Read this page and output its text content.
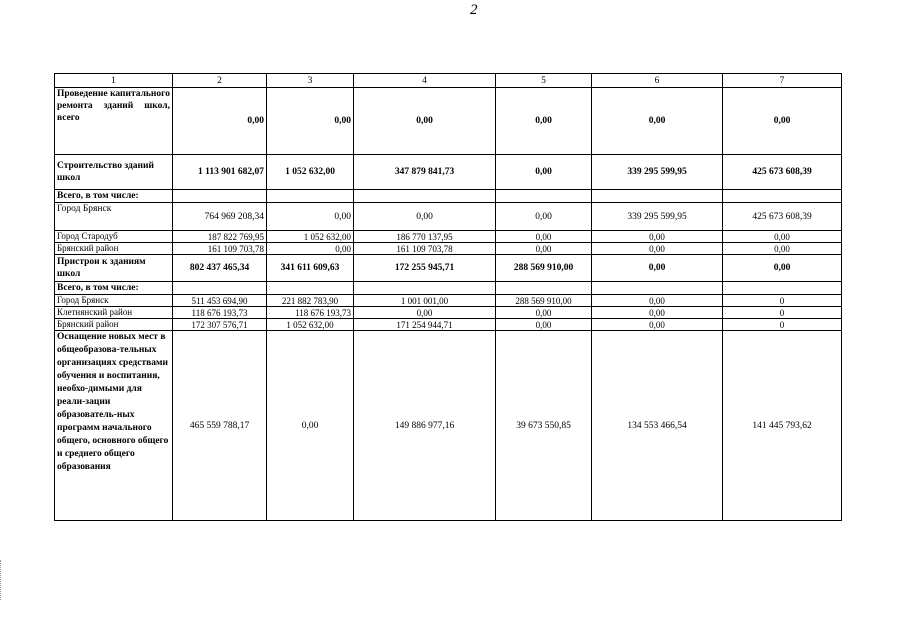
2
1	2	3	4	5	6	7
Проведение капитального ремонта зданий школ, всего	0,00	0,00	0,00	0,00	0,00	0,00
Строительство зданий школ	1 113 901 682,07	1 052 632,00	347 879 841,73	0,00	339 295 599,95	425 673 608,39
Всего, в том числе:						
Город Брянск	764 969 208,34	0,00	0,00	0,00	339 295 599,95	425 673 608,39
Город Стародуб	187 822 769,95	1 052 632,00	186 770 137,95	0,00	0,00	0,00
Брянский район	161 109 703,78	0,00	161 109 703,78	0,00	0,00	0,00
Пристрои к зданиям школ	802 437 465,34	341 611 609,63	172 255 945,71	288 569 910,00	0,00	0,00
Всего, в том числе:						
Город Брянск	511 453 694,90	221 882 783,90	1 001 001,00	288 569 910,00	0,00	0
Клетнянский район	118 676 193,73	118 676 193,73	0,00	0,00	0,00	0
Брянский район	172 307 576,71	1 052 632,00	171 254 944,71	0,00	0,00	0
Оснащение новых мест в общеобразова-тельных организациях средствами обучения и воспитания, необхо-димыми для реали-зации образователь-ных программ начального общего, основного общего и среднего общего образования	465 559 788,17	0,00	149 886 977,16	39 673 550,85	134 553 466,54	141 445 793,62
